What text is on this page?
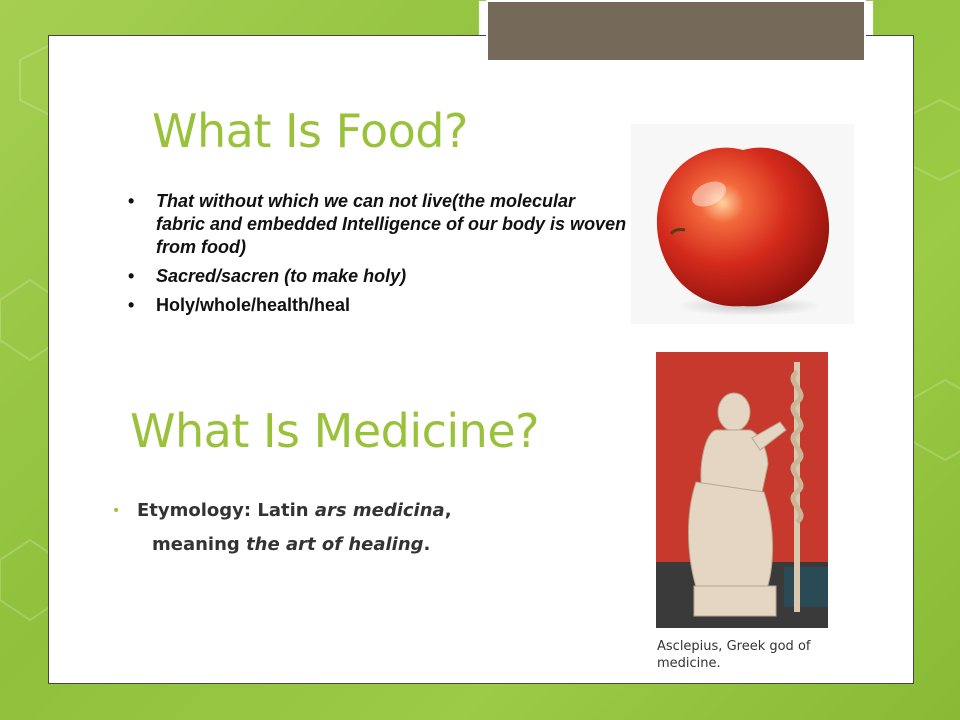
What Is Food?
• That without which we can not live(the molecular fabric and embedded Intelligence of our body is woven from food)
• Sacred/sacren (to make holy)
• Holy/whole/health/heal
What Is Medicine?
• Etymology: Latin ars medicina,
meaning the art of healing.
Asclepius, Greek god of medicine.
